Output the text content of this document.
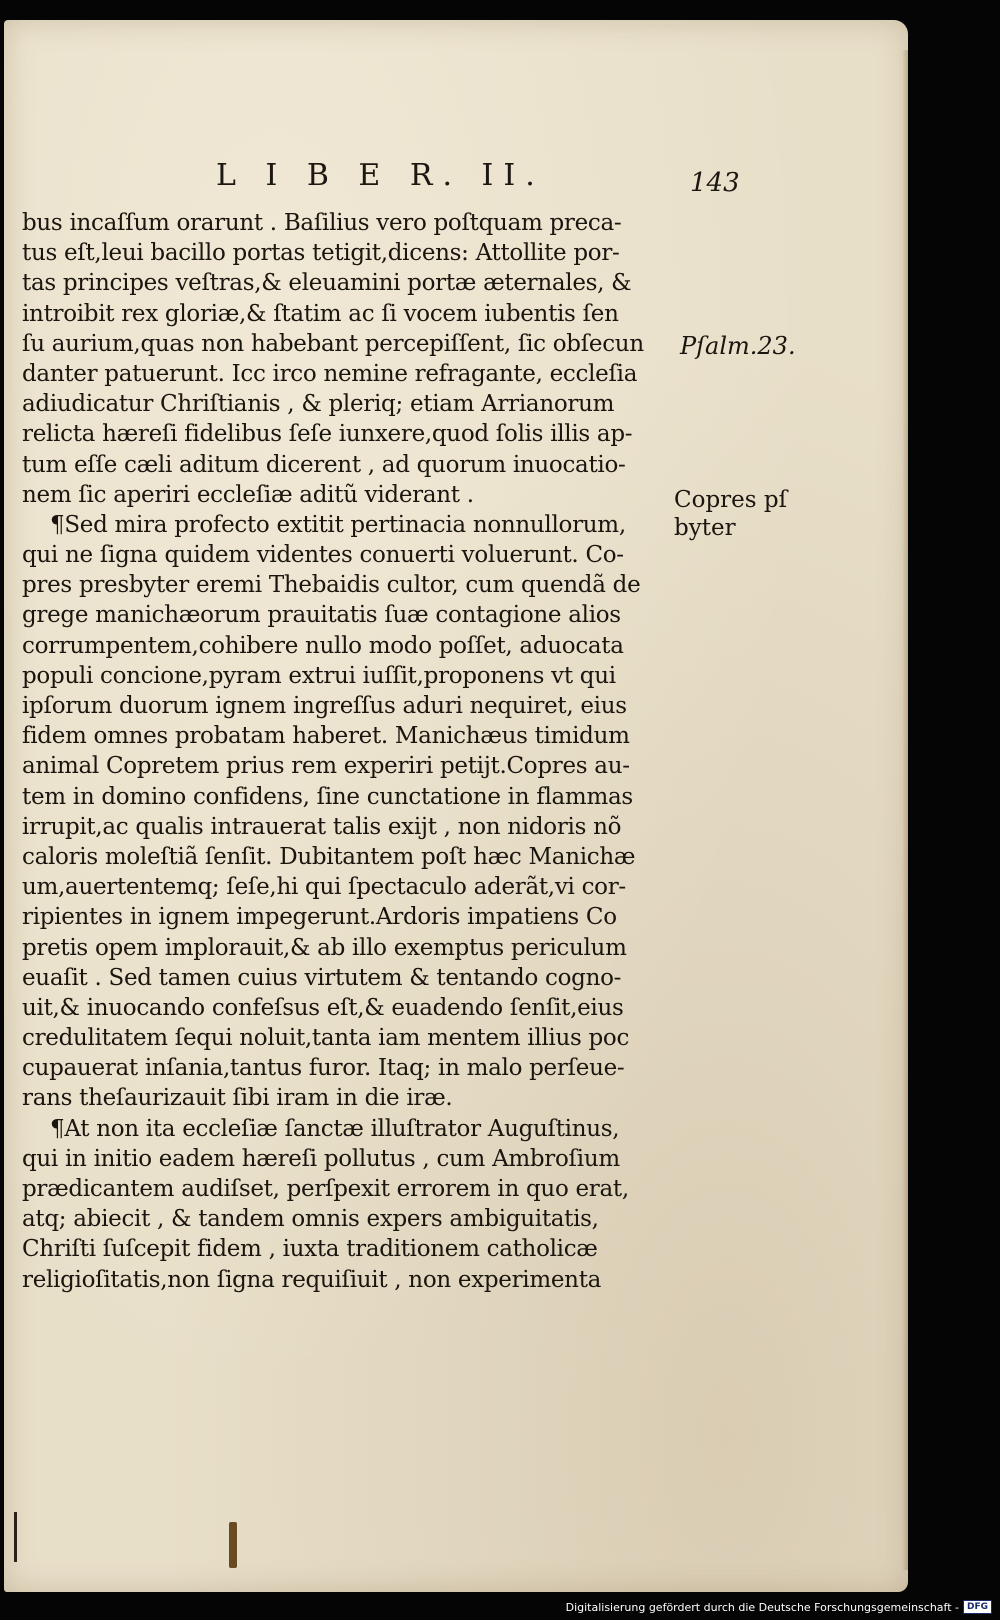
L I B E R. II.	143
bus incaſſum orarunt . Baſilius vero poſtquam preca-
tus eſt,leui bacillo portas tetigit,dicens: Attollite por-
tas principes veſtras,& eleuamini portæ æternales, &
introibit rex gloriæ,& ſtatim ac ſi vocem iubentis ſen
ſu aurium,quas non habebant percepiſſent, ſic obſecun
danter patuerunt. Icc irco nemine refragante, eccleſia
adiudicatur Chriſtianis , & pleriq; etiam Arrianorum
relicta hæreſi fidelibus ſeſe iunxere,quod ſolis illis ap-
tum eſſe cæli aditum dicerent , ad quorum inuocatio-
nem ſic aperiri eccleſiæ aditũ viderant .
¶Sed mira profecto extitit pertinacia nonnullorum,
qui ne ſigna quidem videntes conuerti voluerunt. Co-
pres presbyter eremi Thebaidis cultor, cum quendã de
grege manichæorum prauitatis ſuæ contagione alios
corrumpentem,cohibere nullo modo poſſet, aduocata
populi concione,pyram extrui iuſſit,proponens vt qui
ipſorum duorum ignem ingreſſus aduri nequiret, eius
fidem omnes probatam haberet. Manichæus timidum
animal Copretem prius rem experiri petijt.Copres au-
tem in domino confidens, ſine cunctatione in flammas
irrupit,ac qualis intrauerat talis exijt , non nidoris nõ
caloris moleſtiã ſenſit. Dubitantem poſt hæc Manichæ
um,auertentemq; ſeſe,hi qui ſpectaculo aderãt,vi cor-
ripientes in ignem impegerunt.Ardoris impatiens Co
pretis opem implorauit,& ab illo exemptus periculum
euaſit . Sed tamen cuius virtutem & tentando cogno-
uit,& inuocando confeſsus eſt,& euadendo ſenſit,eius
credulitatem ſequi noluit,tanta iam mentem illius poc
cupauerat inſania,tantus furor. Itaq; in malo perſeue-
rans theſaurizauit ſibi iram in die iræ.
¶At non ita eccleſiæ ſanctæ illuſtrator Auguſtinus,
qui in initio eadem hæreſi pollutus , cum Ambroſium
prædicantem audiſset, perſpexit errorem in quo erat,
atq; abiecit , & tandem omnis expers ambiguitatis,
Chriſti ſuſcepit fidem , iuxta traditionem catholicæ
religioſitatis,non ſigna requiſiuit , non experimenta
Pſalm.23.
Copres pſ
byter
Digitalisierung gefördert durch die Deutsche Forschungsgemeinschaft - DFG
